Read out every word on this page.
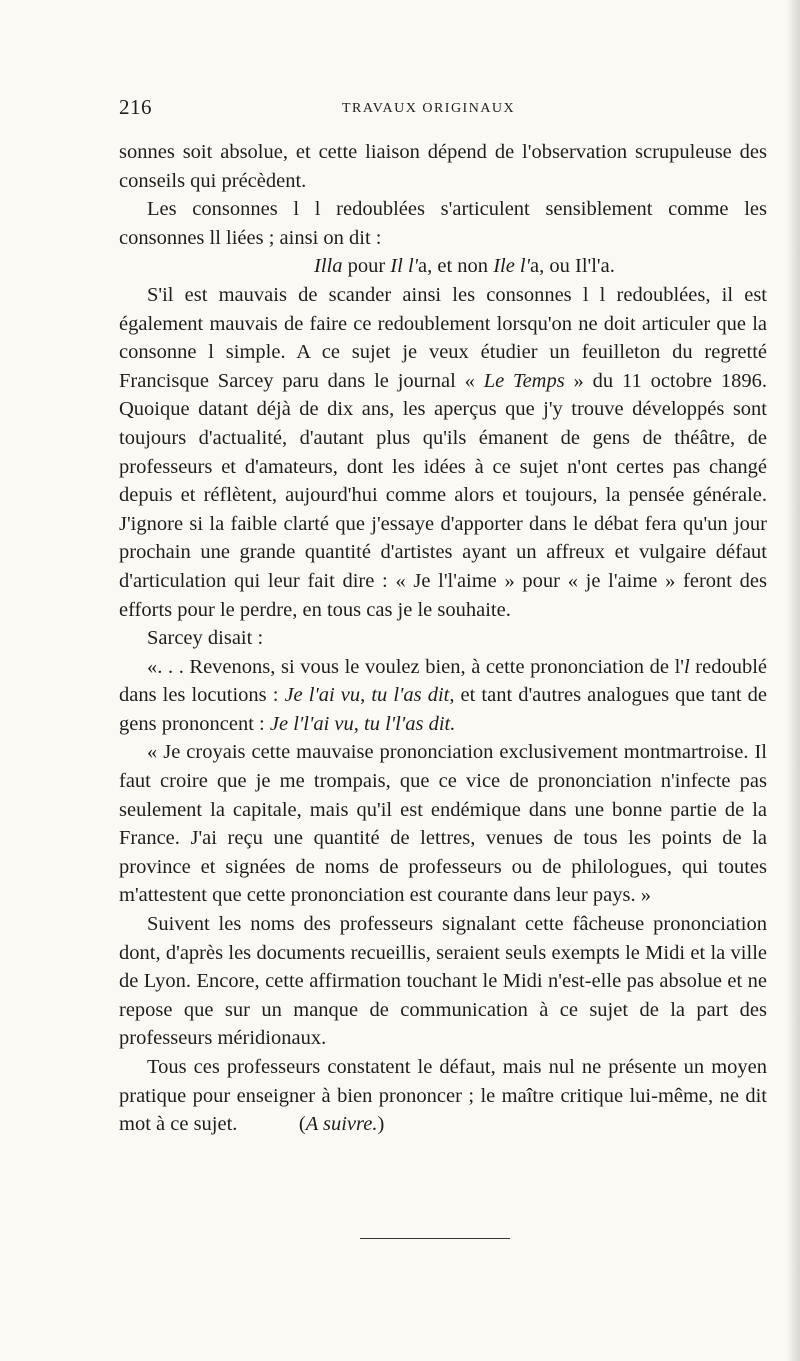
216	TRAVAUX ORIGINAUX

sonnes soit absolue, et cette liaison dépend de l'observation scrupuleuse des conseils qui précèdent.

Les consonnes l l redoublées s'articulent sensiblement comme les consonnes ll liées ; ainsi on dit :

Illa pour Il l'a, et non Ile l'a, ou Il'l'a.

S'il est mauvais de scander ainsi les consonnes l l redoublées, il est également mauvais de faire ce redoublement lorsqu'on ne doit articuler que la consonne l simple. A ce sujet je veux étudier un feuilleton du regretté Francisque Sarcey paru dans le journal « Le Temps » du 11 octobre 1896. Quoique datant déjà de dix ans, les aperçus que j'y trouve développés sont toujours d'actualité, d'autant plus qu'ils émanent de gens de théâtre, de professeurs et d'amateurs, dont les idées à ce sujet n'ont certes pas changé depuis et réflètent, aujourd'hui comme alors et toujours, la pensée générale. J'ignore si la faible clarté que j'essaye d'apporter dans le débat fera qu'un jour prochain une grande quantité d'artistes ayant un affreux et vulgaire défaut d'articulation qui leur fait dire : « Je l'l'aime » pour « je l'aime » feront des efforts pour le perdre, en tous cas je le souhaite.

Sarcey disait :

«. . . Revenons, si vous le voulez bien, à cette prononciation de l'l redoublé dans les locutions : Je l'ai vu, tu l'as dit, et tant d'autres analogues que tant de gens prononcent : Je l'l'ai vu, tu l'l'as dit.

« Je croyais cette mauvaise prononciation exclusivement montmartroise. Il faut croire que je me trompais, que ce vice de prononciation n'infecte pas seulement la capitale, mais qu'il est endémique dans une bonne partie de la France. J'ai reçu une quantité de lettres, venues de tous les points de la province et signées de noms de professeurs ou de philologues, qui toutes m'attestent que cette prononciation est courante dans leur pays. »

Suivent les noms des professeurs signalant cette fâcheuse prononciation dont, d'après les documents recueillis, seraient seuls exempts le Midi et la ville de Lyon. Encore, cette affirmation touchant le Midi n'est-elle pas absolue et ne repose que sur un manque de communication à ce sujet de la part des professeurs méridionaux.

Tous ces professeurs constatent le défaut, mais nul ne présente un moyen pratique pour enseigner à bien prononcer ; le maître critique lui-même, ne dit mot à ce sujet.	(A suivre.)
